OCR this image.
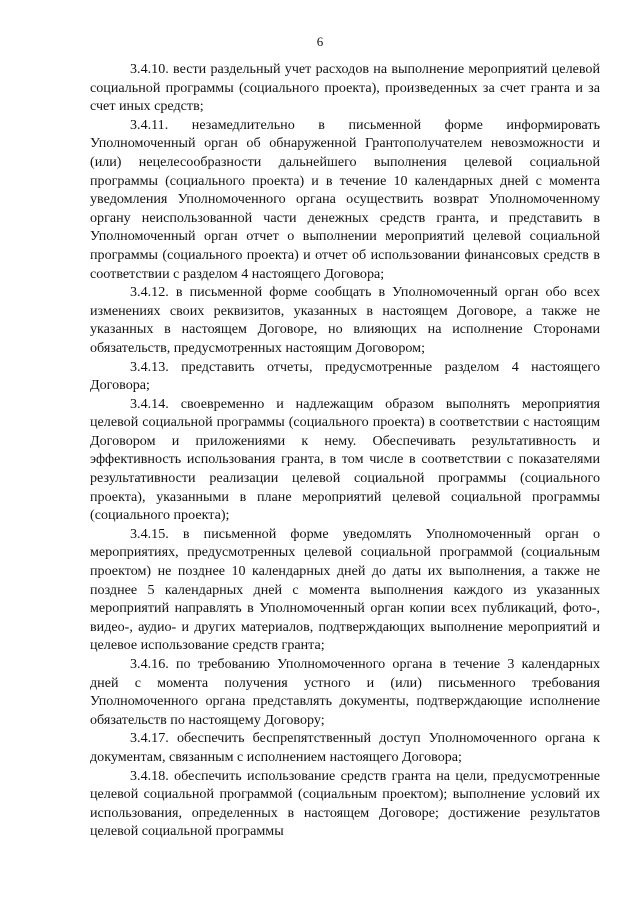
6

3.4.10. вести раздельный учет расходов на выполнение мероприятий целевой социальной программы (социального проекта), произведенных за счет гранта и за счет иных средств;

3.4.11. незамедлительно в письменной форме информировать Уполномоченный орган об обнаруженной Грантополучателем невозможности и (или) нецелесообразности дальнейшего выполнения целевой социальной программы (социального проекта) и в течение 10 календарных дней с момента уведомления Уполномоченного органа осуществить возврат Уполномоченному органу неиспользованной части денежных средств гранта, и представить в Уполномоченный орган отчет о выполнении мероприятий целевой социальной программы (социального проекта) и отчет об использовании финансовых средств в соответствии с разделом 4 настоящего Договора;

3.4.12. в письменной форме сообщать в Уполномоченный орган обо всех изменениях своих реквизитов, указанных в настоящем Договоре, а также не указанных в настоящем Договоре, но влияющих на исполнение Сторонами обязательств, предусмотренных настоящим Договором;

3.4.13. представить отчеты, предусмотренные разделом 4 настоящего Договора;

3.4.14. своевременно и надлежащим образом выполнять мероприятия целевой социальной программы (социального проекта) в соответствии с настоящим Договором и приложениями к нему. Обеспечивать результативность и эффективность использования гранта, в том числе в соответствии с показателями результативности реализации целевой социальной программы (социального проекта), указанными в плане мероприятий целевой социальной программы (социального проекта);

3.4.15. в письменной форме уведомлять Уполномоченный орган о мероприятиях, предусмотренных целевой социальной программой (социальным проектом) не позднее 10 календарных дней до даты их выполнения, а также не позднее 5 календарных дней с момента выполнения каждого из указанных мероприятий направлять в Уполномоченный орган копии всех публикаций, фото-, видео-, аудио- и других материалов, подтверждающих выполнение мероприятий и целевое использование средств гранта;

3.4.16. по требованию Уполномоченного органа в течение 3 календарных дней с момента получения устного и (или) письменного требования Уполномоченного органа представлять документы, подтверждающие исполнение обязательств по настоящему Договору;

3.4.17. обеспечить беспрепятственный доступ Уполномоченного органа к документам, связанным с исполнением настоящего Договора;

3.4.18. обеспечить использование средств гранта на цели, предусмотренные целевой социальной программой (социальным проектом); выполнение условий их использования, определенных в настоящем Договоре; достижение результатов целевой социальной программы
